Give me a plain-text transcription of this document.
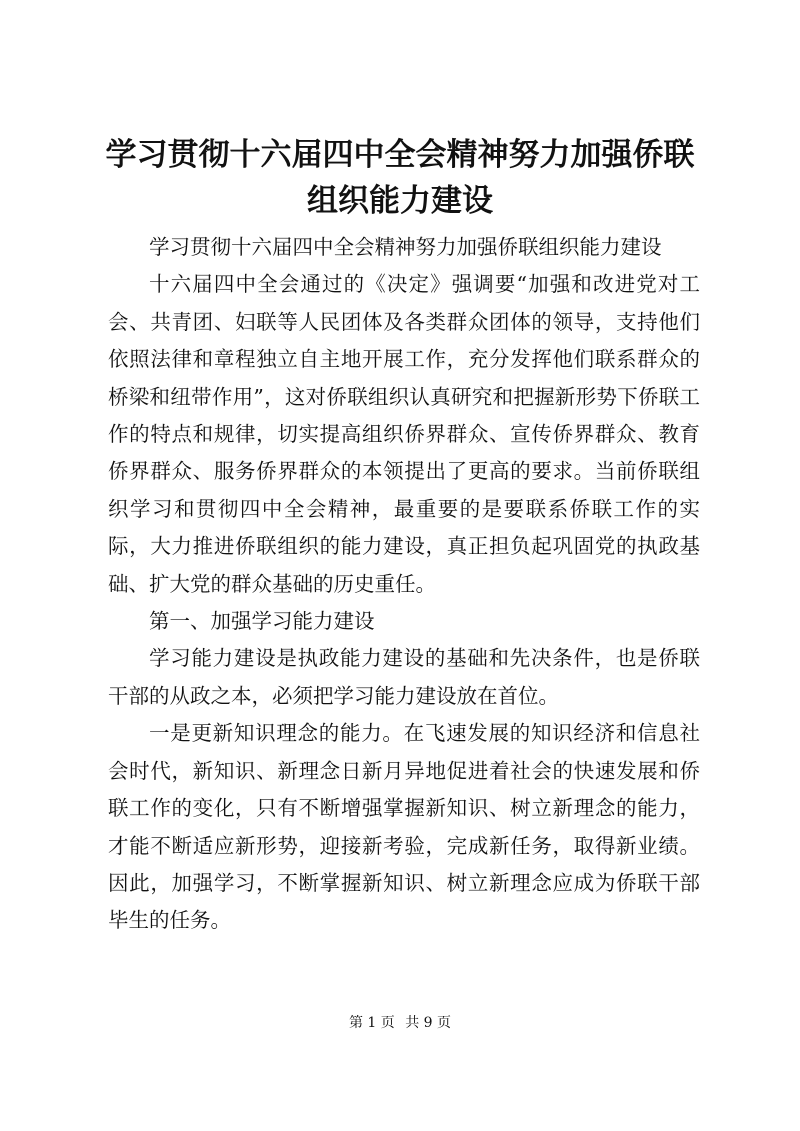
学习贯彻十六届四中全会精神努力加强侨联组织能力建设

学习贯彻十六届四中全会精神努力加强侨联组织能力建设

十六届四中全会通过的《决定》强调要“加强和改进党对工会、共青团、妇联等人民团体及各类群众团体的领导，支持他们依照法律和章程独立自主地开展工作，充分发挥他们联系群众的桥梁和纽带作用”，这对侨联组织认真研究和把握新形势下侨联工作的特点和规律，切实提高组织侨界群众、宣传侨界群众、教育侨界群众、服务侨界群众的本领提出了更高的要求。当前侨联组织学习和贯彻四中全会精神，最重要的是要联系侨联工作的实际，大力推进侨联组织的能力建设，真正担负起巩固党的执政基础、扩大党的群众基础的历史重任。

第一、加强学习能力建设

学习能力建设是执政能力建设的基础和先决条件，也是侨联干部的从政之本，必须把学习能力建设放在首位。

一是更新知识理念的能力。在飞速发展的知识经济和信息社会时代，新知识、新理念日新月异地促进着社会的快速发展和侨联工作的变化，只有不断增强掌握新知识、树立新理念的能力，才能不断适应新形势，迎接新考验，完成新任务，取得新业绩。因此，加强学习，不断掌握新知识、树立新理念应成为侨联干部毕生的任务。

第 1 页 共 9 页
